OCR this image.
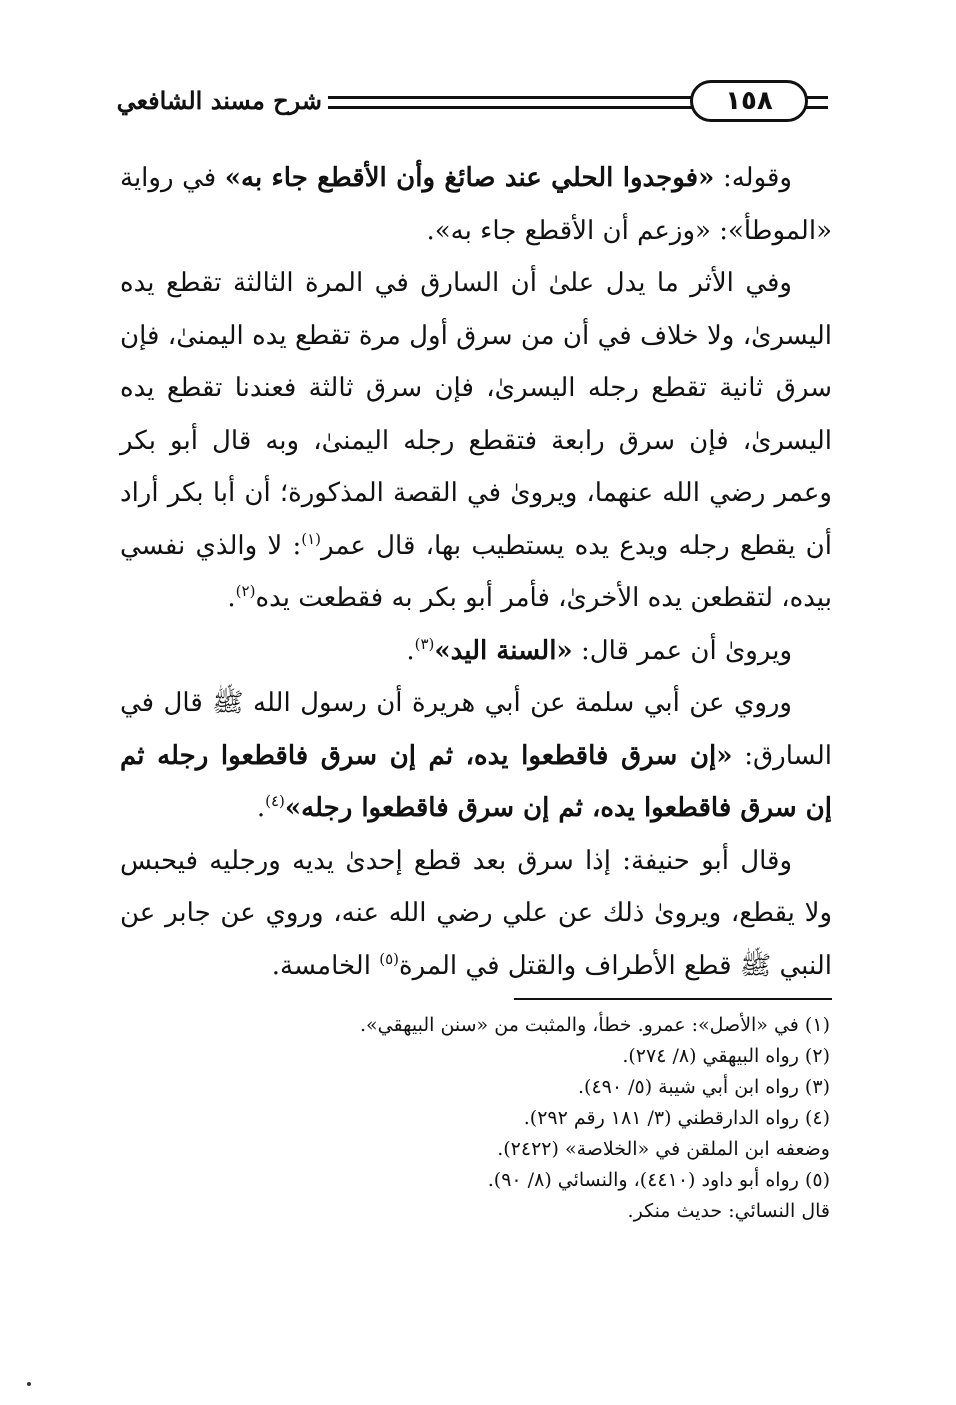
شرح مسند الشافعي	١٥٨

وقوله: «فوجدوا الحلي عند صائغ وأن الأقطع جاء به» في رواية «الموطأ»: «وزعم أن الأقطع جاء به».

وفي الأثر ما يدل علىٰ أن السارق في المرة الثالثة تقطع يده اليسرىٰ، ولا خلاف في أن من سرق أول مرة تقطع يده اليمنىٰ، فإن سرق ثانية تقطع رجله اليسرىٰ، فإن سرق ثالثة فعندنا تقطع يده اليسرىٰ، فإن سرق رابعة فتقطع رجله اليمنىٰ، وبه قال أبو بكر وعمر رضي الله عنهما، ويروىٰ في القصة المذكورة؛ أن أبا بكر أراد أن يقطع رجله ويدع يده يستطيب بها، قال عمر$^{(١)}$: لا والذي نفسي بيده، لتقطعن يده الأخرىٰ، فأمر أبو بكر به فقطعت يده$^{(٢)}$.

ويروىٰ أن عمر قال: «السنة اليد»$^{(٣)}$.

وروي عن أبي سلمة عن أبي هريرة أن رسول الله ﷺ قال في السارق: «إن سرق فاقطعوا يده، ثم إن سرق فاقطعوا رجله ثم إن سرق فاقطعوا يده، ثم إن سرق فاقطعوا رجله»$^{(٤)}$.

وقال أبو حنيفة: إذا سرق بعد قطع إحدىٰ يديه ورجليه فيحبس ولا يقطع، ويروىٰ ذلك عن علي رضي الله عنه، وروي عن جابر عن النبي ﷺ قطع الأطراف والقتل في المرة$^{(٥)}$ الخامسة.

(١) في «الأصل»: عمرو. خطأ، والمثبت من «سنن البيهقي».
(٢) رواه البيهقي (٨/ ٢٧٤).
(٣) رواه ابن أبي شيبة (٥/ ٤٩٠).
(٤) رواه الدارقطني (٣/ ١٨١ رقم ٢٩٢).
وضعفه ابن الملقن في «الخلاصة» (٢٤٢٢).
(٥) رواه أبو داود (٤٤١٠)، والنسائي (٨/ ٩٠).
قال النسائي: حديث منكر.
